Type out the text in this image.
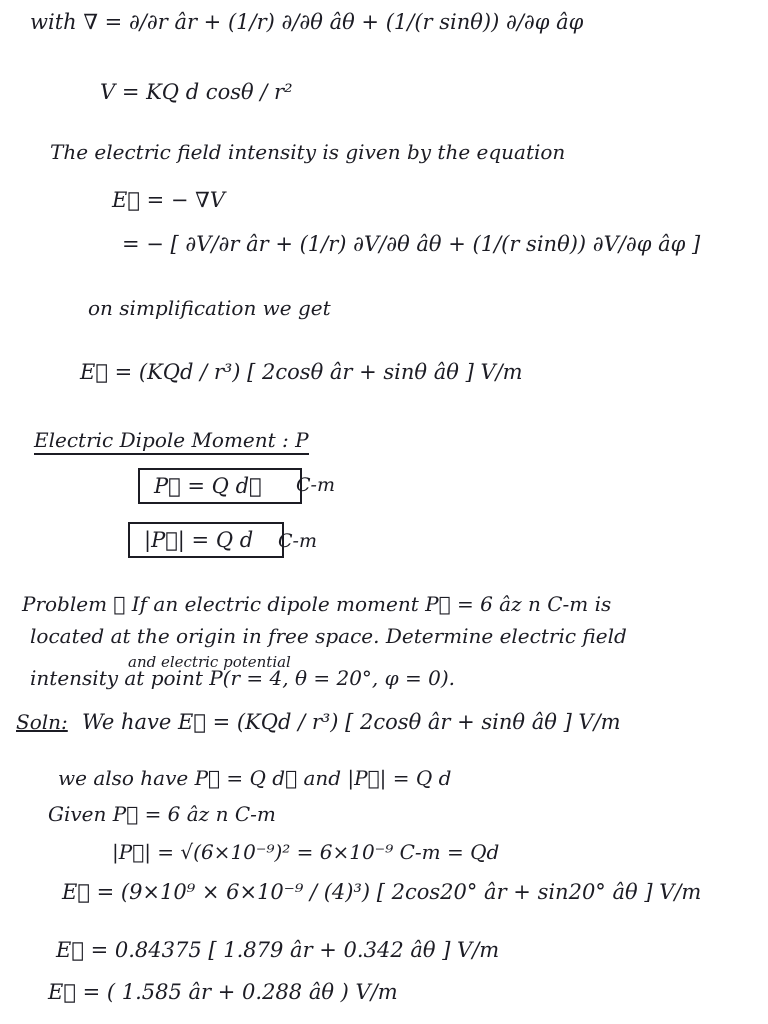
with ∇ = ∂/∂r âr + (1/r) ∂/∂θ âθ + (1/(r sinθ)) ∂/∂φ âφ
V = KQ d cosθ / r²
The electric field intensity is given by the equation
E⃗ = − ∇V
= − [ ∂V/∂r âr + (1/r) ∂V/∂θ âθ + (1/(r sinθ)) ∂V/∂φ âφ ]
on simplification we get
E⃗ = (KQd / r³) [ 2cosθ âr + sinθ âθ ] V/m
Electric Dipole Moment : P
P⃗ = Q d⃗	C-m
|P⃗| = Q d	C-m
Problem ① If an electric dipole moment P⃗ = 6 âz n C-m is
located at the origin in free space. Determine electric field
and electric potential
intensity at point P(r = 4, θ = 20°, φ = 0).
Soln: We have E⃗ = (KQd / r³) [ 2cosθ âr + sinθ âθ ] V/m
we also have P⃗ = Q d⃗ and |P⃗| = Q d
Given P⃗ = 6 âz n C-m
|P⃗| = √(6×10⁻⁹)² = 6×10⁻⁹ C-m = Qd
E⃗ = (9×10⁹ × 6×10⁻⁹ / (4)³) [ 2cos20° âr + sin20° âθ ] V/m
E⃗ = 0.84375 [ 1.879 âr + 0.342 âθ ] V/m
E⃗ = ( 1.585 âr + 0.288 âθ ) V/m
